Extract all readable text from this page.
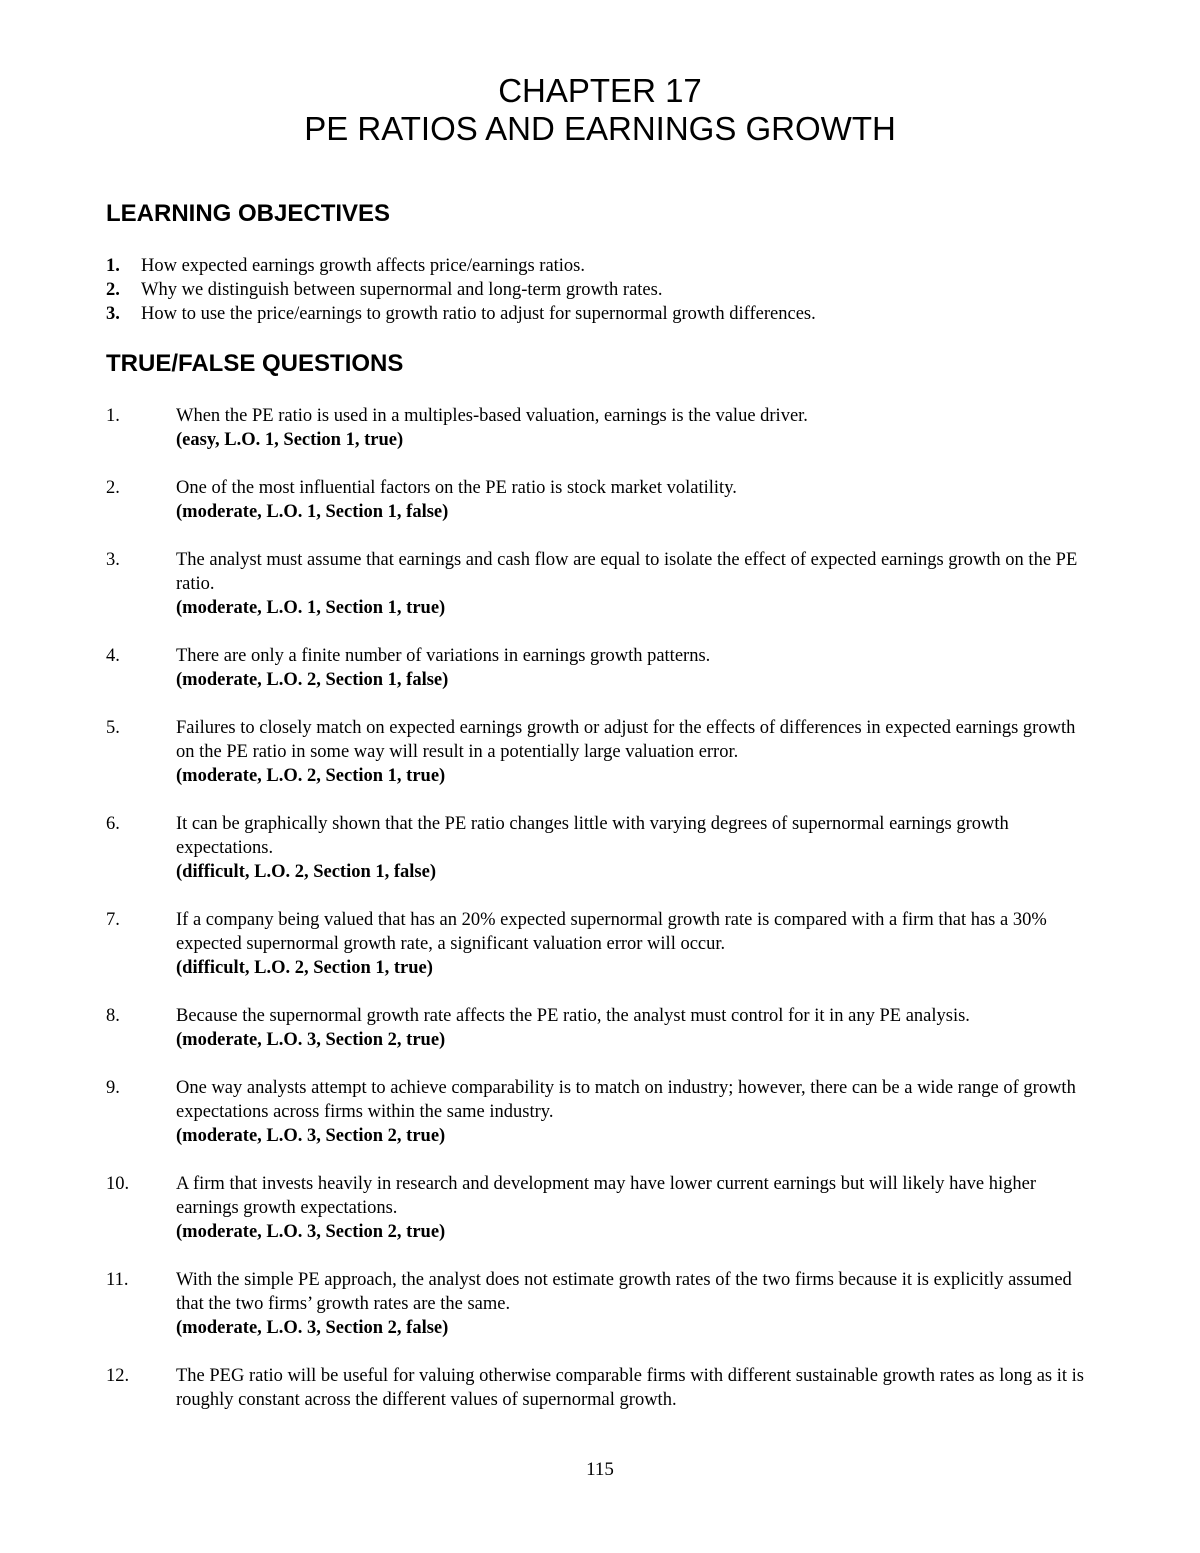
CHAPTER 17
PE RATIOS AND EARNINGS GROWTH
LEARNING OBJECTIVES
1. How expected earnings growth affects price/earnings ratios.
2. Why we distinguish between supernormal and long-term growth rates.
3. How to use the price/earnings to growth ratio to adjust for supernormal growth differences.
TRUE/FALSE QUESTIONS
1.	When the PE ratio is used in a multiples-based valuation, earnings is the value driver.
(easy, L.O. 1, Section 1, true)
2.	One of the most influential factors on the PE ratio is stock market volatility.
(moderate, L.O. 1, Section 1, false)
3.	The analyst must assume that earnings and cash flow are equal to isolate the effect of expected earnings growth on the PE ratio.
(moderate, L.O. 1, Section 1, true)
4.	There are only a finite number of variations in earnings growth patterns.
(moderate, L.O. 2, Section 1, false)
5.	Failures to closely match on expected earnings growth or adjust for the effects of differences in expected earnings growth on the PE ratio in some way will result in a potentially large valuation error.
(moderate, L.O. 2, Section 1, true)
6.	It can be graphically shown that the PE ratio changes little with varying degrees of supernormal earnings growth expectations.
(difficult, L.O. 2, Section 1, false)
7.	If a company being valued that has an 20% expected supernormal growth rate is compared with a firm that has a 30% expected supernormal growth rate, a significant valuation error will occur.
(difficult, L.O. 2, Section 1, true)
8.	Because the supernormal growth rate affects the PE ratio, the analyst must control for it in any PE analysis.
(moderate, L.O. 3, Section 2, true)
9.	One way analysts attempt to achieve comparability is to match on industry; however, there can be a wide range of growth expectations across firms within the same industry.
(moderate, L.O. 3, Section 2, true)
10.	A firm that invests heavily in research and development may have lower current earnings but will likely have higher earnings growth expectations.
(moderate, L.O. 3, Section 2, true)
11.	With the simple PE approach, the analyst does not estimate growth rates of the two firms because it is explicitly assumed that the two firms’ growth rates are the same.
(moderate, L.O. 3, Section 2, false)
12.	The PEG ratio will be useful for valuing otherwise comparable firms with different sustainable growth rates as long as it is roughly constant across the different values of supernormal growth.
115
